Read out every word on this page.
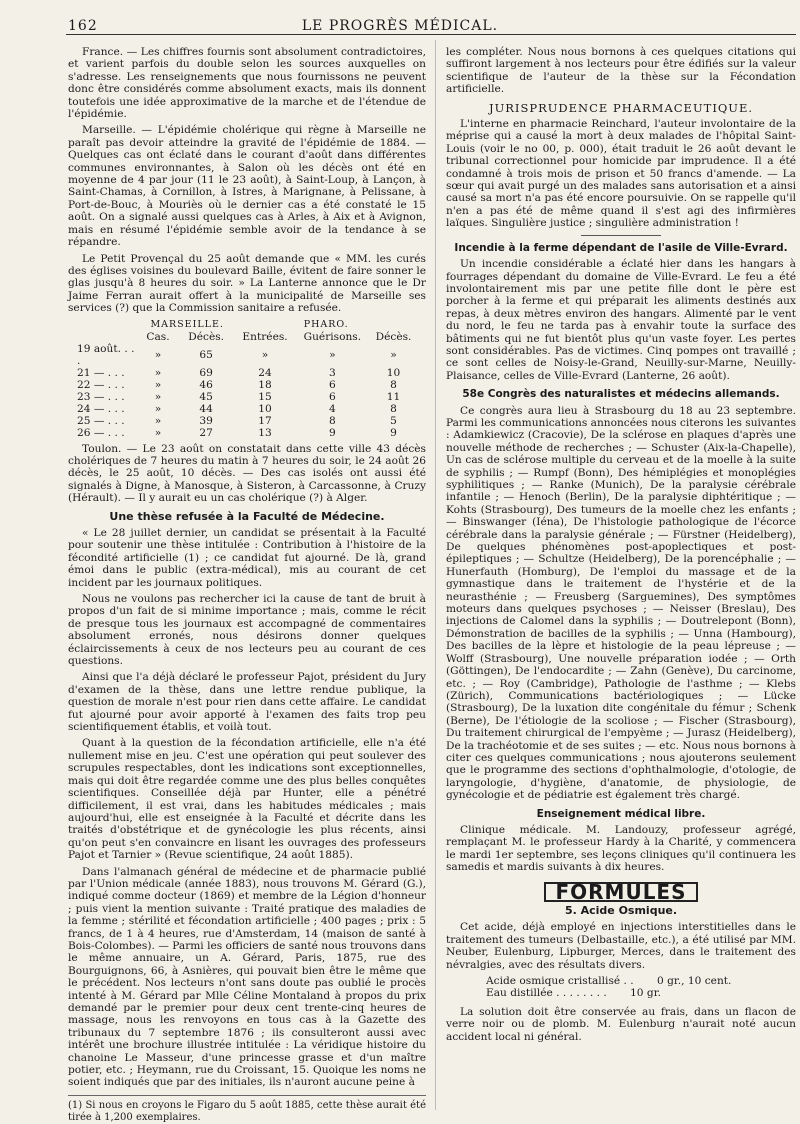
162	LE PROGRÈS MÉDICAL.

France. — Les chiffres fournis sont absolument contradictoires, et varient parfois du double selon les sources auxquelles on s'adresse. Les renseignements que nous fournissons ne peuvent donc être considérés comme absolument exacts, mais ils donnent toutefois une idée approximative de la marche et de l'étendue de l'épidémie.

Marseille. — L'épidémie cholérique qui règne à Marseille ne paraît pas devoir atteindre la gravité de l'épidémie de 1884. — Quelques cas ont éclaté dans le courant d'août dans différentes communes environnantes, à Salon où les décès ont été en moyenne de 4 par jour (11 le 23 août), à Saint-Loup, à Lançon, à Saint-Chamas, à Cornillon, à Istres, à Marignane, à Pelissane, à Port-de-Bouc, à Mouriès où le dernier cas a été constaté le 15 août. On a signalé aussi quelques cas à Arles, à Aix et à Avignon, mais en résumé l'épidémie semble avoir de la tendance à se répandre.

Le Petit Provençal du 25 août demande que « MM. les curés des églises voisines du boulevard Baille, évitent de faire sonner le glas jusqu'à 8 heures du soir. » La Lanterne annonce que le Dr Jaime Ferran aurait offert à la municipalité de Marseille ses services (?) que la Commission sanitaire a refusée.

	MARSEILLE.		PHARO.		
	Cas.	Décès.	Entrées.	Guérisons.	Décès.
19 août. . . .	»	65	»	»	»
21 — . . .	»	69	24	3	10
22 — . . .	»	46	18	6	8
23 — . . .	»	45	15	6	11
24 — . . .	»	44	10	4	8
25 — . . .	»	39	17	8	5
26 — . . .	»	27	13	9	9

Toulon. — Le 23 août on constatait dans cette ville 43 décès cholériques de 7 heures du matin à 7 heures du soir, le 24 août 26 décès, le 25 août, 10 décès. — Des cas isolés ont aussi été signalés à Digne, à Manosque, à Sisteron, à Carcassonne, à Cruzy (Hérault). — Il y aurait eu un cas cholérique (?) à Alger.

Une thèse refusée à la Faculté de Médecine.

« Le 28 juillet dernier, un candidat se présentait à la Faculté pour soutenir une thèse intitulée : Contribution à l'histoire de la fécondité artificielle (1) ; ce candidat fut ajourné. De là, grand émoi dans le public (extra-médical), mis au courant de cet incident par les journaux politiques.

Nous ne voulons pas rechercher ici la cause de tant de bruit à propos d'un fait de si minime importance ; mais, comme le récit de presque tous les journaux est accompagné de commentaires absolument erronés, nous désirons donner quelques éclaircissements à ceux de nos lecteurs peu au courant de ces questions.

Ainsi que l'a déjà déclaré le professeur Pajot, président du Jury d'examen de la thèse, dans une lettre rendue publique, la question de morale n'est pour rien dans cette affaire. Le candidat fut ajourné pour avoir apporté à l'examen des faits trop peu scientifiquement établis, et voilà tout.

Quant à la question de la fécondation artificielle, elle n'a été nullement mise en jeu. C'est une opération qui peut soulever des scrupules respectables, dont les indications sont exceptionnelles, mais qui doit être regardée comme une des plus belles conquêtes scientifiques. Conseillée déjà par Hunter, elle a pénétré difficilement, il est vrai, dans les habitudes médicales ; mais aujourd'hui, elle est enseignée à la Faculté et décrite dans les traités d'obstétrique et de gynécologie les plus récents, ainsi qu'on peut s'en convaincre en lisant les ouvrages des professeurs Pajot et Tarnier » (Revue scientifique, 24 août 1885).

Dans l'almanach général de médecine et de pharmacie publié par l'Union médicale (année 1883), nous trouvons M. Gérard (G.), indiqué comme docteur (1869) et membre de la Légion d'honneur ; puis vient la mention suivante : Traité pratique des maladies de la femme ; stérilité et fécondation artificielle ; 400 pages ; prix : 5 francs, de 1 à 4 heures, rue d'Amsterdam, 14 (maison de santé à Bois-Colombes). — Parmi les officiers de santé nous trouvons dans le même annuaire, un A. Gérard, Paris, 1875, rue des Bourguignons, 66, à Asnières, qui pouvait bien être le même que le précédent. Nos lecteurs n'ont sans doute pas oublié le procès intenté à M. Gérard par Mlle Céline Montaland à propos du prix demandé par le premier pour deux cent trente-cinq heures de massage, nous les renvoyons en tous cas à la Gazette des tribunaux du 7 septembre 1876 ; ils consulteront aussi avec intérêt une brochure illustrée intitulée : La véridique histoire du chanoine Le Masseur, d'une princesse grasse et d'un maître potier, etc. ; Heymann, rue du Croissant, 15. Quoique les noms ne soient indiqués que par des initiales, ils n'auront aucune peine à

(1) Si nous en croyons le Figaro du 5 août 1885, cette thèse aurait été tirée à 1,200 exemplaires.

les compléter. Nous nous bornons à ces quelques citations qui suffiront largement à nos lecteurs pour être édifiés sur la valeur scientifique de l'auteur de la thèse sur la Fécondation artificielle.

JURISPRUDENCE PHARMACEUTIQUE.

L'interne en pharmacie Reinchard, l'auteur involontaire de la méprise qui a causé la mort à deux malades de l'hôpital Saint-Louis (voir le no 00, p. 000), était traduit le 26 août devant le tribunal correctionnel pour homicide par imprudence. Il a été condamné à trois mois de prison et 50 francs d'amende. — La sœur qui avait purgé un des malades sans autorisation et a ainsi causé sa mort n'a pas été encore poursuivie. On se rappelle qu'il n'en a pas été de même quand il s'est agi des infirmières laïques. Singulière justice ; singulière administration !

Incendie à la ferme dépendant de l'asile de Ville-Evrard.

Un incendie considérable a éclaté hier dans les hangars à fourrages dépendant du domaine de Ville-Evrard. Le feu a été involontairement mis par une petite fille dont le père est porcher à la ferme et qui préparait les aliments destinés aux repas, à deux mètres environ des hangars. Alimenté par le vent du nord, le feu ne tarda pas à envahir toute la surface des bâtiments qui ne fut bientôt plus qu'un vaste foyer. Les pertes sont considérables. Pas de victimes. Cinq pompes ont travaillé ; ce sont celles de Noisy-le-Grand, Neuilly-sur-Marne, Neuilly-Plaisance, celles de Ville-Evrard (Lanterne, 26 août).

58e Congrès des naturalistes et médecins allemands.

Ce congrès aura lieu à Strasbourg du 18 au 23 septembre. Parmi les communications annoncées nous citerons les suivantes : Adamkiewicz (Cracovie), De la sclérose en plaques d'après une nouvelle méthode de recherches ; — Schuster (Aix-la-Chapelle), Un cas de sclérose multiple du cerveau et de la moelle à la suite de syphilis ; — Rumpf (Bonn), Des hémiplégies et monoplégies syphilitiques ; — Ranke (Munich), De la paralysie cérébrale infantile ; — Henoch (Berlin), De la paralysie diphtéritique ; — Kohts (Strasbourg), Des tumeurs de la moelle chez les enfants ; — Binswanger (Iéna), De l'histologie pathologique de l'écorce cérébrale dans la paralysie générale ; — Fürstner (Heidelberg), De quelques phénomènes post-apoplectiques et post-épileptiques ; — Schultze (Heidelberg), De la porencéphalie ; — Hunerfauth (Homburg), De l'emploi du massage et de la gymnastique dans le traitement de l'hystérie et de la neurasthénie ; — Freusberg (Sarguemines), Des symptômes moteurs dans quelques psychoses ; — Neisser (Breslau), Des injections de Calomel dans la syphilis ; — Doutrelepont (Bonn), Démonstration de bacilles de la syphilis ; — Unna (Hambourg), Des bacilles de la lèpre et histologie de la peau lépreuse ; — Wolff (Strasbourg), Une nouvelle préparation iodée ; — Orth (Göttingen), De l'endocardite ; — Zahn (Genève), Du carcinome, etc. ; — Roy (Cambridge), Pathologie de l'asthme ; — Klebs (Zürich), Communications bactériologiques ; — Lücke (Strasbourg), De la luxation dite congénitale du fémur ; Schenk (Berne), De l'étiologie de la scoliose ; — Fischer (Strasbourg), Du traitement chirurgical de l'empyème ; — Jurasz (Heidelberg), De la trachéotomie et de ses suites ; — etc. Nous nous bornons à citer ces quelques communications ; nous ajouterons seulement que le programme des sections d'ophthalmologie, d'otologie, de laryngologie, d'hygiène, d'anatomie, de physiologie, de gynécologie et de pédiatrie est également très chargé.

Enseignement médical libre.

Clinique médicale. M. Landouzy, professeur agrégé, remplaçant M. le professeur Hardy à la Charité, y commencera le mardi 1er septembre, ses leçons cliniques qu'il continuera les samedis et mardis suivants à dix heures.

FORMULES
5. Acide Osmique.

Cet acide, déjà employé en injections interstitielles dans le traitement des tumeurs (Delbastaille, etc.), a été utilisé par MM. Neuber, Eulenburg, Lipburger, Merces, dans le traitement des névralgies, avec des résultats divers.

Acide osmique cristallisé . . 0 gr., 10 cent.
Eau distillée . . . . . . . . 10 gr.

La solution doit être conservée au frais, dans un flacon de verre noir ou de plomb. M. Eulenburg n'aurait noté aucun accident local ni général.
